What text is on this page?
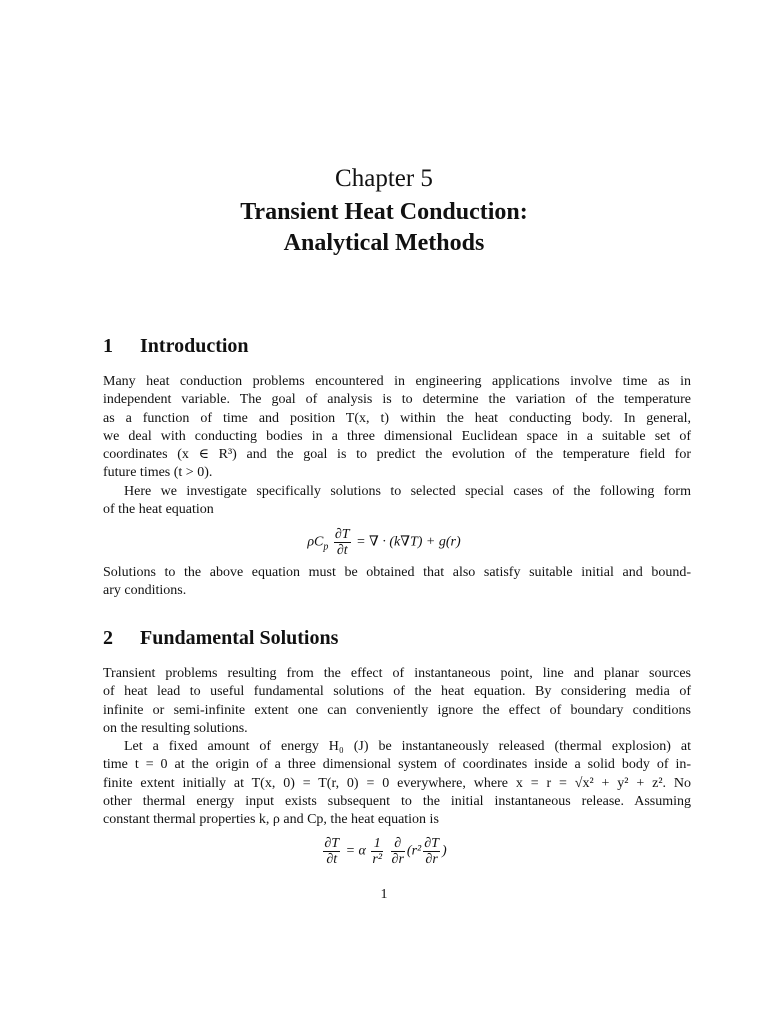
Chapter 5
Transient Heat Conduction:
Analytical Methods
1 Introduction
Many heat conduction problems encountered in engineering applications involve time as in
independent variable. The goal of analysis is to determine the variation of the temperature
as a function of time and position T(x, t) within the heat conducting body. In general,
we deal with conducting bodies in a three dimensional Euclidean space in a suitable set of
coordinates (x ∈ R³) and the goal is to predict the evolution of the temperature field for
future times (t > 0).
Here we investigate specifically solutions to selected special cases of the following form
of the heat equation
$\rho C_p \frac{\partial T}{\partial t}$ = ∇ · (k∇T) + g(r)
Solutions to the above equation must be obtained that also satisfy suitable initial and bound-
ary conditions.
2 Fundamental Solutions
Transient problems resulting from the effect of instantaneous point, line and planar sources
of heat lead to useful fundamental solutions of the heat equation. By considering media of
infinite or semi-infinite extent one can conveniently ignore the effect of boundary conditions
on the resulting solutions.
Let a fixed amount of energy H₀ (J) be instantaneously released (thermal explosion) at
time t = 0 at the origin of a three dimensional system of coordinates inside a solid body of in-
finite extent initially at T(x, 0) = T(r, 0) = 0 everywhere, where x = r = √x² + y² + z². No
other thermal energy input exists subsequent to the initial instantaneous release. Assuming
constant thermal properties k, ρ and Cp, the heat equation is
$\frac{\partial T}{\partial t} = \alpha \frac{1}{\text{r²}}$
$\frac{\partial}{\partial r} (r^2 \frac{\partial T}{\partial r}$ )
1
